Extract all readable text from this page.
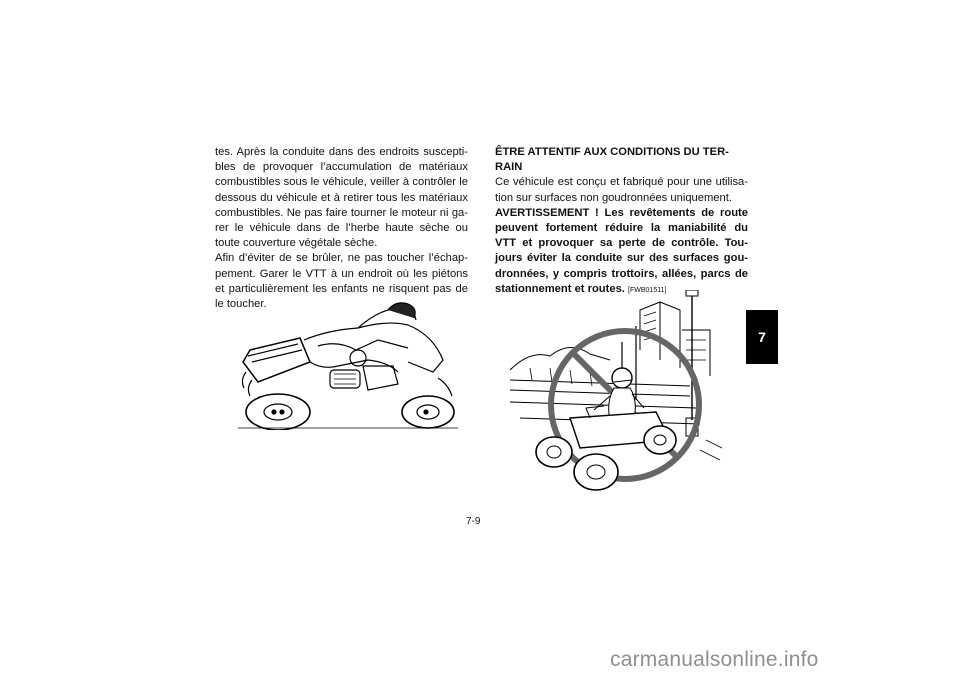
tes. Après la conduite dans des endroits suscepti-bles de provoquer l’accumulation de matériaux combustibles sous le véhicule, veiller à contrôler le dessous du véhicule et à retirer tous les matériaux combustibles. Ne pas faire tourner le moteur ni ga-rer le véhicule dans de l’herbe haute sèche ou toute couverture végétale sèche.

Afin d’éviter de se brûler, ne pas toucher l’échap-pement. Garer le VTT à un endroit où les piétons et particulièrement les enfants ne risquent pas de le toucher.

ÊTRE ATTENTIF AUX CONDITIONS DU TER-RAIN

Ce véhicule est conçu et fabriqué pour une utilisa-tion sur surfaces non goudronnées uniquement.

AVERTISSEMENT ! Les revêtements de route peuvent fortement réduire la maniabilité du VTT et provoquer sa perte de contrôle. Tou-jours éviter la conduite sur des surfaces gou-dronnées, y compris trottoirs, allées, parcs de stationnement et routes. [FWB01511]

7-9
7
carmanualsonline.info
